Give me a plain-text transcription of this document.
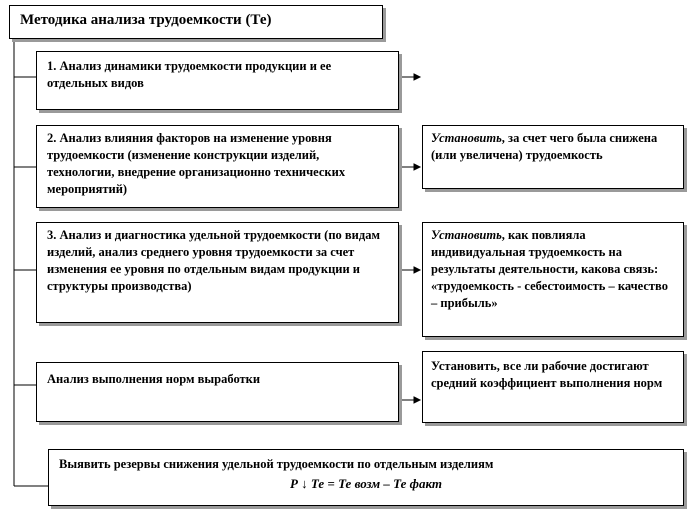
Методика анализа трудоемкости (Те)
1. Анализ динамики трудоемкости продукции и ее отдельных видов
2. Анализ влияния факторов на изменение уровня трудоемкости (изменение конструкции изделий, технологии, внедрение организационно технических мероприятий)
3. Анализ и диагностика удельной трудоемкости (по видам изделий, анализ среднего уровня трудоемкости за счет изменения ее уровня по отдельным видам продукции и структуры производства)
Анализ выполнения норм выработки
Установить, за счет чего была снижена (или увеличена) трудоемкость
Установить, как повлияла индивидуальная трудоемкость на результаты деятельности, какова связь: «трудоемкость - себестоимость – качество – прибыль»
Установить, все ли рабочие достигают средний коэффициент выполнения норм
Выявить резервы снижения удельной трудоемкости по отдельным изделиям
Р ↓ Те = Те возм – Те факт
